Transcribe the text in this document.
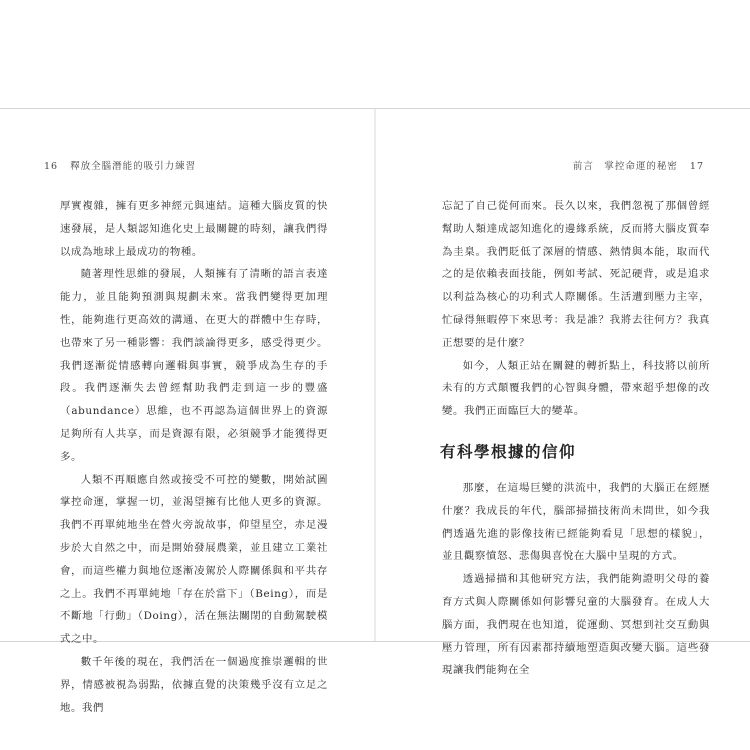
16 釋放全腦潛能的吸引力練習

厚實複雜，擁有更多神經元與連結。這種大腦皮質的快速發展，是人類認知進化史上最關鍵的時刻，讓我們得以成為地球上最成功的物種。

隨著理性思維的發展，人類擁有了清晰的語言表達能力，並且能夠預測與規劃未來。當我們變得更加理性，能夠進行更高效的溝通、在更大的群體中生存時，也帶來了另一種影響：我們談論得更多，感受得更少。我們逐漸從情感轉向邏輯與事實，競爭成為生存的手段。我們逐漸失去曾經幫助我們走到這一步的豐盛（abundance）思維，也不再認為這個世界上的資源足夠所有人共享，而是資源有限，必須競爭才能獲得更多。

人類不再順應自然或接受不可控的變數，開始試圖掌控命運，掌握一切，並渴望擁有比他人更多的資源。我們不再單純地坐在營火旁說故事，仰望星空，赤足漫步於大自然之中，而是開始發展農業，並且建立工業社會，而這些權力與地位逐漸凌駕於人際關係與和平共存之上。我們不再單純地「存在於當下」（Being），而是不斷地「行動」（Doing），活在無法關閉的自動駕駛模式之中。

數千年後的現在，我們活在一個過度推崇邏輯的世界，情感被視為弱點，依據直覺的決策幾乎沒有立足之地。我們

前言　掌控命運的秘密 17

忘記了自己從何而來。長久以來，我們忽視了那個曾經幫助人類達成認知進化的邊緣系統，反而將大腦皮質奉為圭臬。我們貶低了深層的情感、熱情與本能，取而代之的是依賴表面技能，例如考試、死記硬背，或是追求以利益為核心的功利式人際關係。生活遭到壓力主宰，忙碌得無暇停下來思考：我是誰？我將去往何方？我真正想要的是什麼？

如今，人類正站在關鍵的轉折點上，科技將以前所未有的方式顛覆我們的心智與身體，帶來超乎想像的改變。我們正面臨巨大的變革。

有科學根據的信仰

那麼，在這場巨變的洪流中，我們的大腦正在經歷什麼？我成長的年代，腦部掃描技術尚未問世，如今我們透過先進的影像技術已經能夠看見「思想的樣貌」，並且觀察憤怒、悲傷與喜悅在大腦中呈現的方式。

透過掃描和其他研究方法，我們能夠證明父母的養育方式與人際關係如何影響兒童的大腦發育。在成人大腦方面，我們現在也知道，從運動、冥想到社交互動與壓力管理，所有因素都持續地塑造與改變大腦。這些發現讓我們能夠在全
